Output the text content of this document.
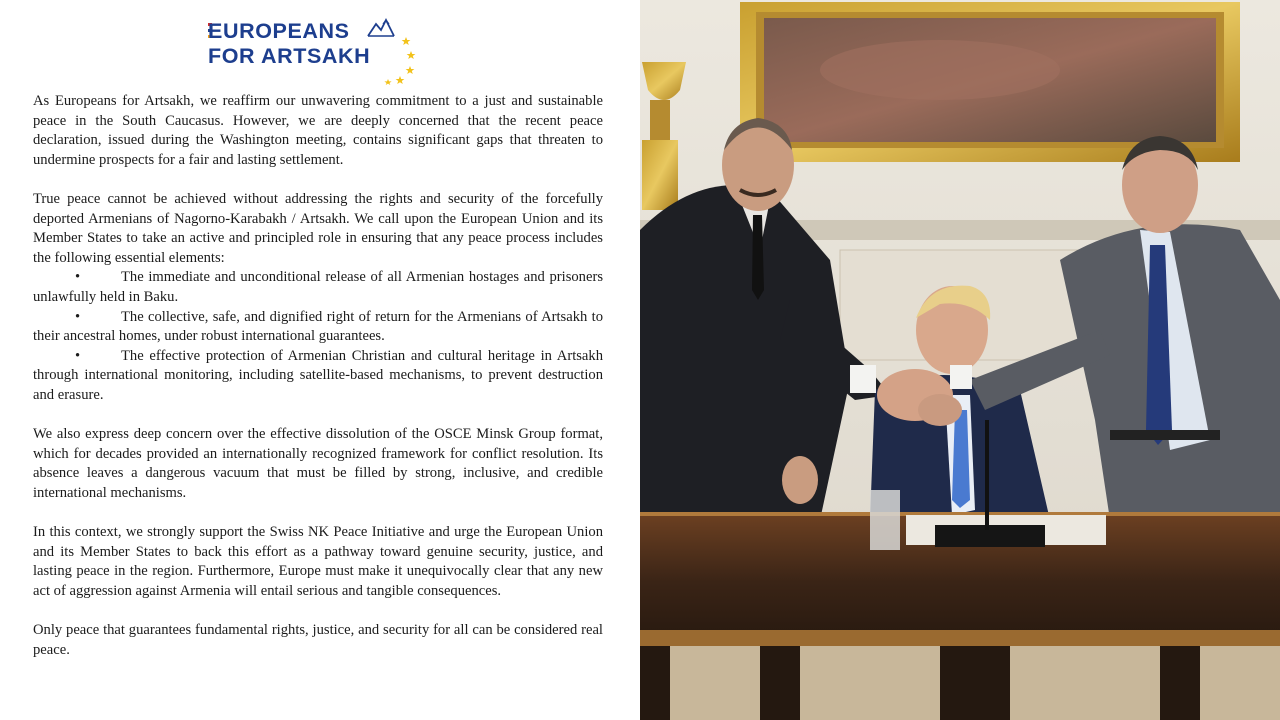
EUROPEANS
FOR ARTSAKH

As Europeans for Artsakh, we reaffirm our unwavering commitment to a just and sustainable peace in the South Caucasus. However, we are deeply concerned that the recent peace declaration, issued during the Washington meeting, contains significant gaps that threaten to undermine prospects for a fair and lasting settlement.

True peace cannot be achieved without addressing the rights and security of the forcefully deported Armenians of Nagorno-Karabakh / Artsakh. We call upon the European Union and its Member States to take an active and principled role in ensuring that any peace process includes the following essential elements:

•	The immediate and unconditional release of all Armenian hostages and prisoners unlawfully held in Baku.

•	The collective, safe, and dignified right of return for the Armenians of Artsakh to their ancestral homes, under robust international guarantees.

•	The effective protection of Armenian Christian and cultural heritage in Artsakh through international monitoring, including satellite-based mechanisms, to prevent destruction and erasure.

We also express deep concern over the effective dissolution of the OSCE Minsk Group format, which for decades provided an internationally recognized framework for conflict resolution. Its absence leaves a dangerous vacuum that must be filled by strong, inclusive, and credible international mechanisms.

In this context, we strongly support the Swiss NK Peace Initiative and urge the European Union and its Member States to back this effort as a pathway toward genuine security, justice, and lasting peace in the region. Furthermore, Europe must make it unequivocally clear that any new act of aggression against Armenia will entail serious and tangible consequences.

Only peace that guarantees fundamental rights, justice, and security for all can be considered real peace.
